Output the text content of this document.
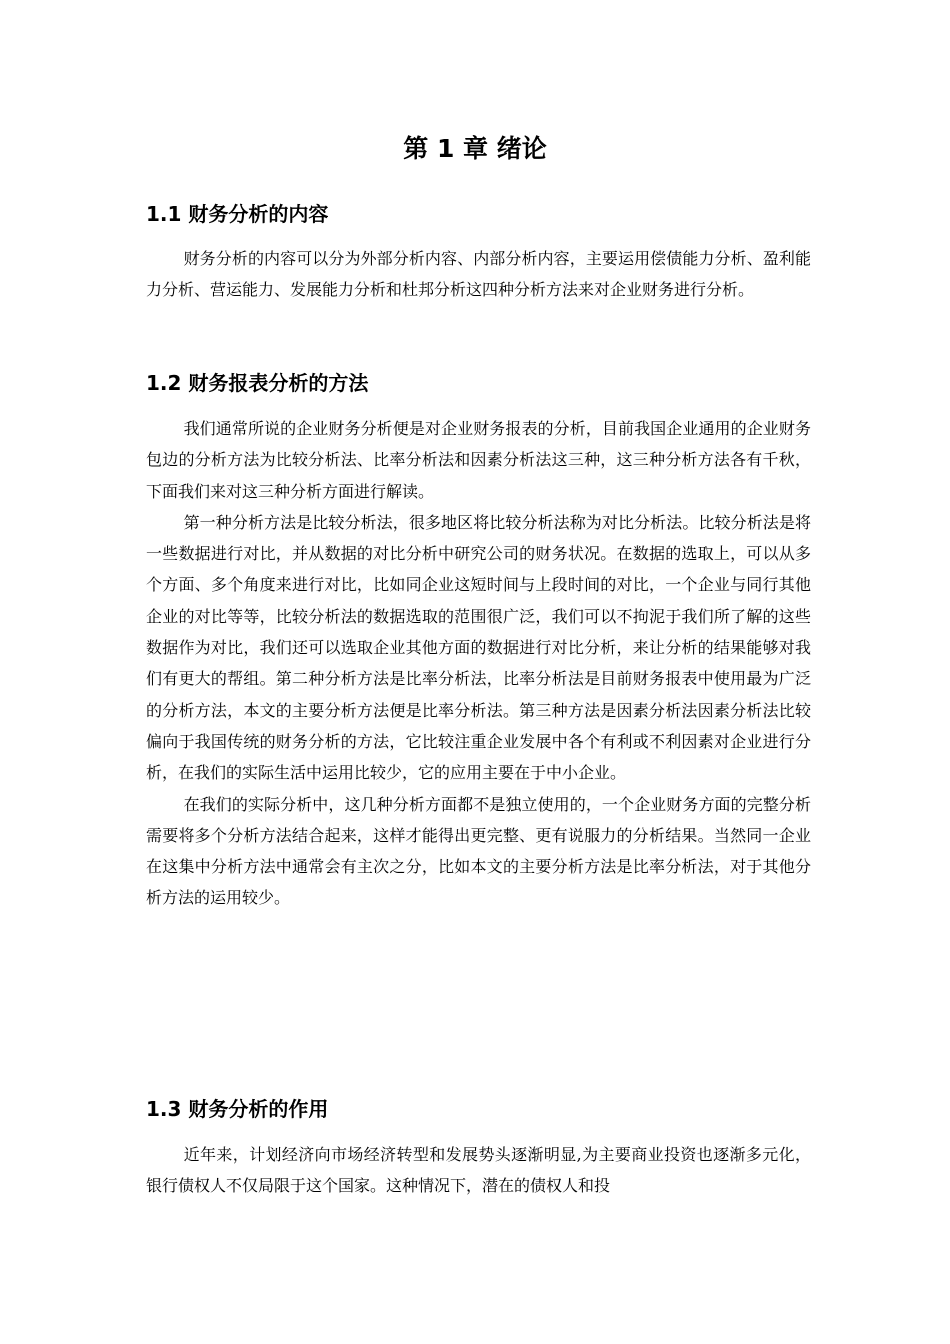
第 1 章 绪论
1.1 财务分析的内容

财务分析的内容可以分为外部分析内容、内部分析内容，主要运用偿债能力分析、盈利能力分析、营运能力、发展能力分析和杜邦分析这四种分析方法来对企业财务进行分析。

1.2 财务报表分析的方法

我们通常所说的企业财务分析便是对企业财务报表的分析，目前我国企业通用的企业财务包边的分析方法为比较分析法、比率分析法和因素分析法这三种，这三种分析方法各有千秋，下面我们来对这三种分析方面进行解读。

第一种分析方法是比较分析法，很多地区将比较分析法称为对比分析法。比较分析法是将一些数据进行对比，并从数据的对比分析中研究公司的财务状况。在数据的选取上，可以从多个方面、多个角度来进行对比，比如同企业这短时间与上段时间的对比，一个企业与同行其他企业的对比等等，比较分析法的数据选取的范围很广泛，我们可以不拘泥于我们所了解的这些数据作为对比，我们还可以选取企业其他方面的数据进行对比分析，来让分析的结果能够对我们有更大的帮组。第二种分析方法是比率分析法，比率分析法是目前财务报表中使用最为广泛的分析方法，本文的主要分析方法便是比率分析法。第三种方法是因素分析法因素分析法比较偏向于我国传统的财务分析的方法，它比较注重企业发展中各个有利或不利因素对企业进行分析，在我们的实际生活中运用比较少，它的应用主要在于中小企业。

在我们的实际分析中，这几种分析方面都不是独立使用的，一个企业财务方面的完整分析需要将多个分析方法结合起来，这样才能得出更完整、更有说服力的分析结果。当然同一企业在这集中分析方法中通常会有主次之分，比如本文的主要分析方法是比率分析法，对于其他分析方法的运用较少。

1.3 财务分析的作用

近年来，计划经济向市场经济转型和发展势头逐渐明显,为主要商业投资也逐渐多元化，银行债权人不仅局限于这个国家。这种情况下，潜在的债权人和投
